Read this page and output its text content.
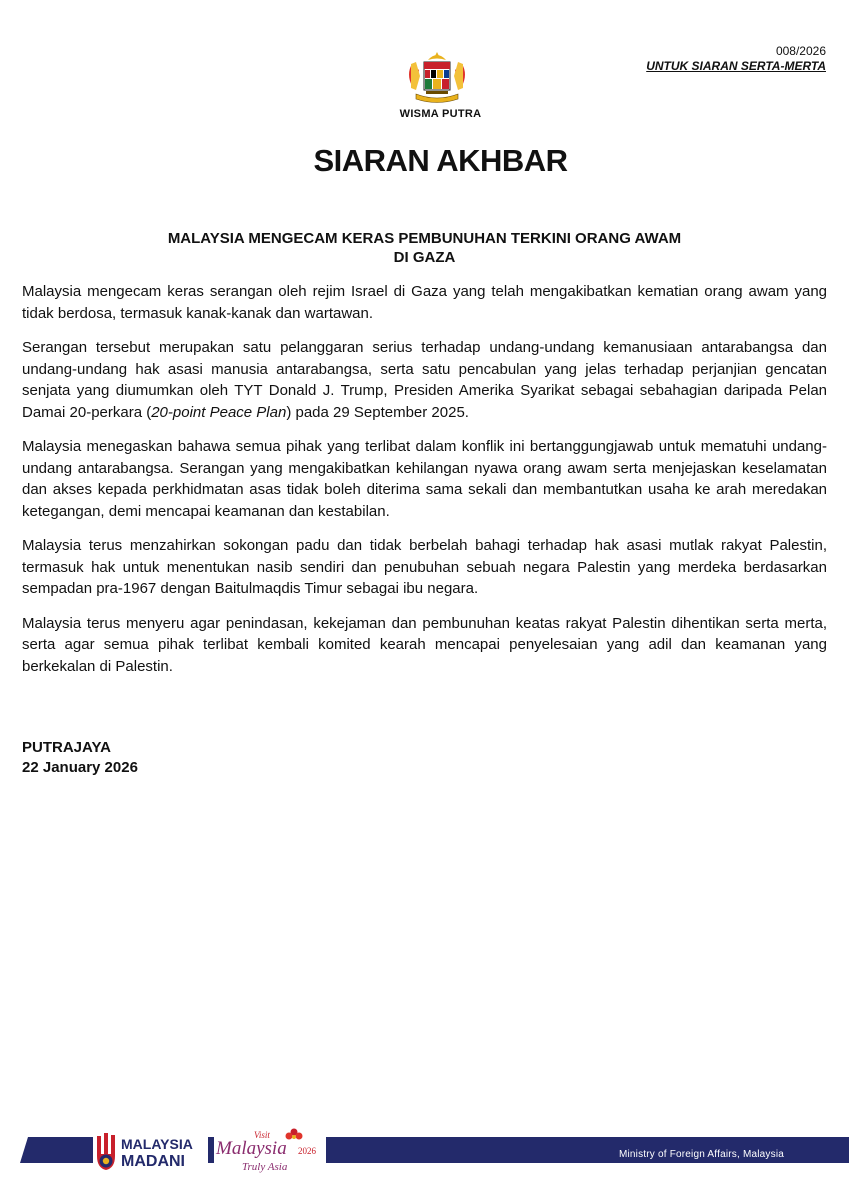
008/2026
UNTUK SIARAN SERTA-MERTA
WISMA PUTRA
SIARAN AKHBAR
MALAYSIA MENGECAM KERAS PEMBUNUHAN TERKINI ORANG AWAM
DI GAZA

Malaysia mengecam keras serangan oleh rejim Israel di Gaza yang telah mengakibatkan kematian orang awam yang tidak berdosa, termasuk kanak-kanak dan wartawan.

Serangan tersebut merupakan satu pelanggaran serius terhadap undang-undang kemanusiaan antarabangsa dan undang-undang hak asasi manusia antarabangsa, serta satu pencabulan yang jelas terhadap perjanjian gencatan senjata yang diumumkan oleh TYT Donald J. Trump, Presiden Amerika Syarikat sebagai sebahagian daripada Pelan Damai 20-perkara (20-point Peace Plan) pada 29 September 2025.

Malaysia menegaskan bahawa semua pihak yang terlibat dalam konflik ini bertanggungjawab untuk mematuhi undang-undang antarabangsa. Serangan yang mengakibatkan kehilangan nyawa orang awam serta menjejaskan keselamatan dan akses kepada perkhidmatan asas tidak boleh diterima sama sekali dan membantutkan usaha ke arah meredakan ketegangan, demi mencapai keamanan dan kestabilan.

Malaysia terus menzahirkan sokongan padu dan tidak berbelah bahagi terhadap hak asasi mutlak rakyat Palestin, termasuk hak untuk menentukan nasib sendiri dan penubuhan sebuah negara Palestin yang merdeka berdasarkan sempadan pra-1967 dengan Baitulmaqdis Timur sebagai ibu negara.

Malaysia terus menyeru agar penindasan, kekejaman dan pembunuhan keatas rakyat Palestin dihentikan serta merta, serta agar semua pihak terlibat kembali komited kearah mencapai penyelesaian yang adil dan keamanan yang berkekalan di Palestin.

PUTRAJAYA
22 January 2026
MALAYSIA
MADANI
Visit
Malaysia 2026
Truly Asia
Ministry of Foreign Affairs, Malaysia
